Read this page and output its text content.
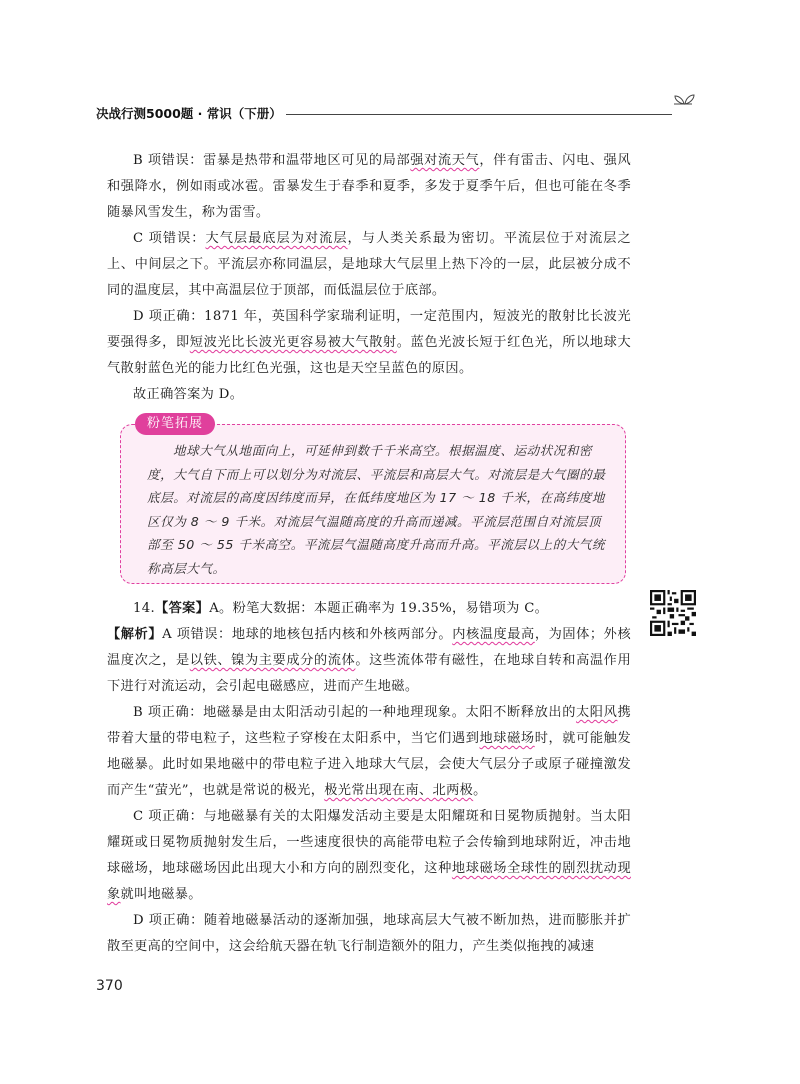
决战行测5000题 · 常识（下册）

B 项错误：雷暴是热带和温带地区可见的局部强对流天气，伴有雷击、闪电、强风和强降水，例如雨或冰雹。雷暴发生于春季和夏季，多发于夏季午后，但也可能在冬季随暴风雪发生，称为雷雪。

C 项错误：大气层最底层为对流层，与人类关系最为密切。平流层位于对流层之上、中间层之下。平流层亦称同温层，是地球大气层里上热下冷的一层，此层被分成不同的温度层，其中高温层位于顶部，而低温层位于底部。

D 项正确：1871 年，英国科学家瑞利证明，一定范围内，短波光的散射比长波光要强得多，即短波光比长波光更容易被大气散射。蓝色光波长短于红色光，所以地球大气散射蓝色光的能力比红色光强，这也是天空呈蓝色的原因。

故正确答案为 D。

粉笔拓展

地球大气从地面向上，可延伸到数千千米高空。根据温度、运动状况和密度，大气自下而上可以划分为对流层、平流层和高层大气。对流层是大气圈的最底层。对流层的高度因纬度而异，在低纬度地区为 17 ～ 18 千米，在高纬度地区仅为 8 ～ 9 千米。对流层气温随高度的升高而递减。平流层范围自对流层顶部至 50 ～ 55 千米高空。平流层气温随高度升高而升高。平流层以上的大气统称高层大气。

14.【答案】A。粉笔大数据：本题正确率为 19.35%，易错项为 C。

【解析】A 项错误：地球的地核包括内核和外核两部分。内核温度最高，为固体；外核温度次之，是以铁、镍为主要成分的流体。这些流体带有磁性，在地球自转和高温作用下进行对流运动，会引起电磁感应，进而产生地磁。

B 项正确：地磁暴是由太阳活动引起的一种地理现象。太阳不断释放出的太阳风携带着大量的带电粒子，这些粒子穿梭在太阳系中，当它们遇到地球磁场时，就可能触发地磁暴。此时如果地磁中的带电粒子进入地球大气层，会使大气层分子或原子碰撞激发而产生“萤光”，也就是常说的极光，极光常出现在南、北两极。

C 项正确：与地磁暴有关的太阳爆发活动主要是太阳耀斑和日冕物质抛射。当太阳耀斑或日冕物质抛射发生后，一些速度很快的高能带电粒子会传输到地球附近，冲击地球磁场，地球磁场因此出现大小和方向的剧烈变化，这种地球磁场全球性的剧烈扰动现象就叫地磁暴。

D 项正确：随着地磁暴活动的逐渐加强，地球高层大气被不断加热，进而膨胀并扩散至更高的空间中，这会给航天器在轨飞行制造额外的阻力，产生类似拖拽的减速

370
